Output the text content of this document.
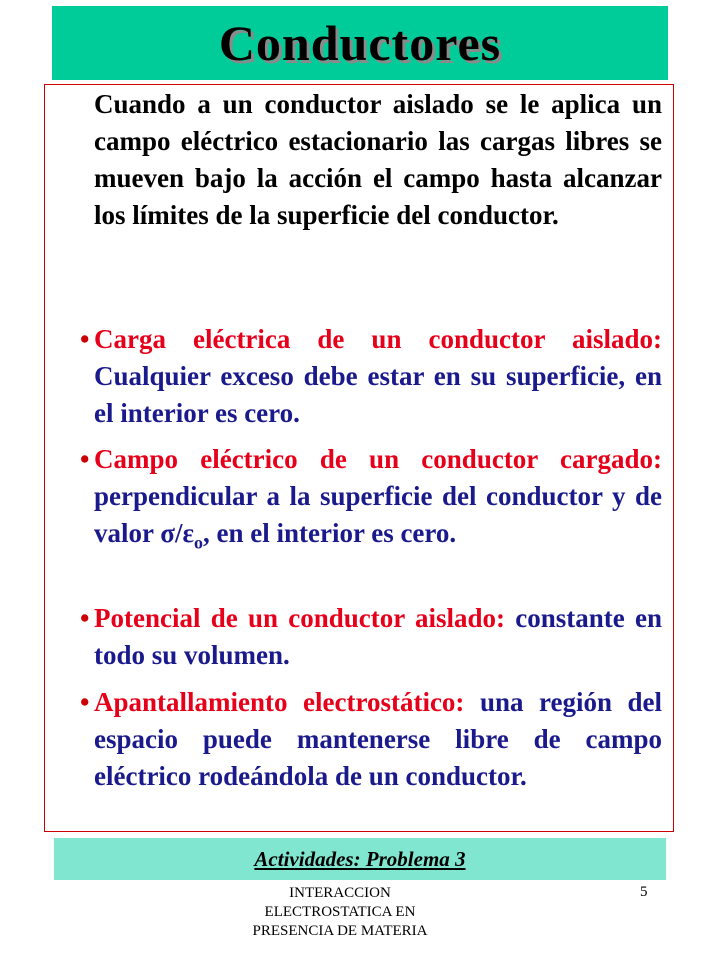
Conductores
Cuando a un conductor aislado se le aplica un campo eléctrico estacionario las cargas libres se mueven bajo la acción el campo hasta alcanzar los límites de la superficie del conductor.
• Carga eléctrica de un conductor aislado: Cualquier exceso debe estar en su superficie, en el interior es cero.
• Campo eléctrico de un conductor cargado: perpendicular a la superficie del conductor y de valor $\sigma/\varepsilon_o$, en el interior es cero.
• Potencial de un conductor aislado: constante en todo su volumen.
• Apantallamiento electrostático: una región del espacio puede mantenerse libre de campo eléctrico rodeándola de un conductor.
Actividades: Problema 3
INTERACCION ELECTROSTATICA EN PRESENCIA DE MATERIA
5
